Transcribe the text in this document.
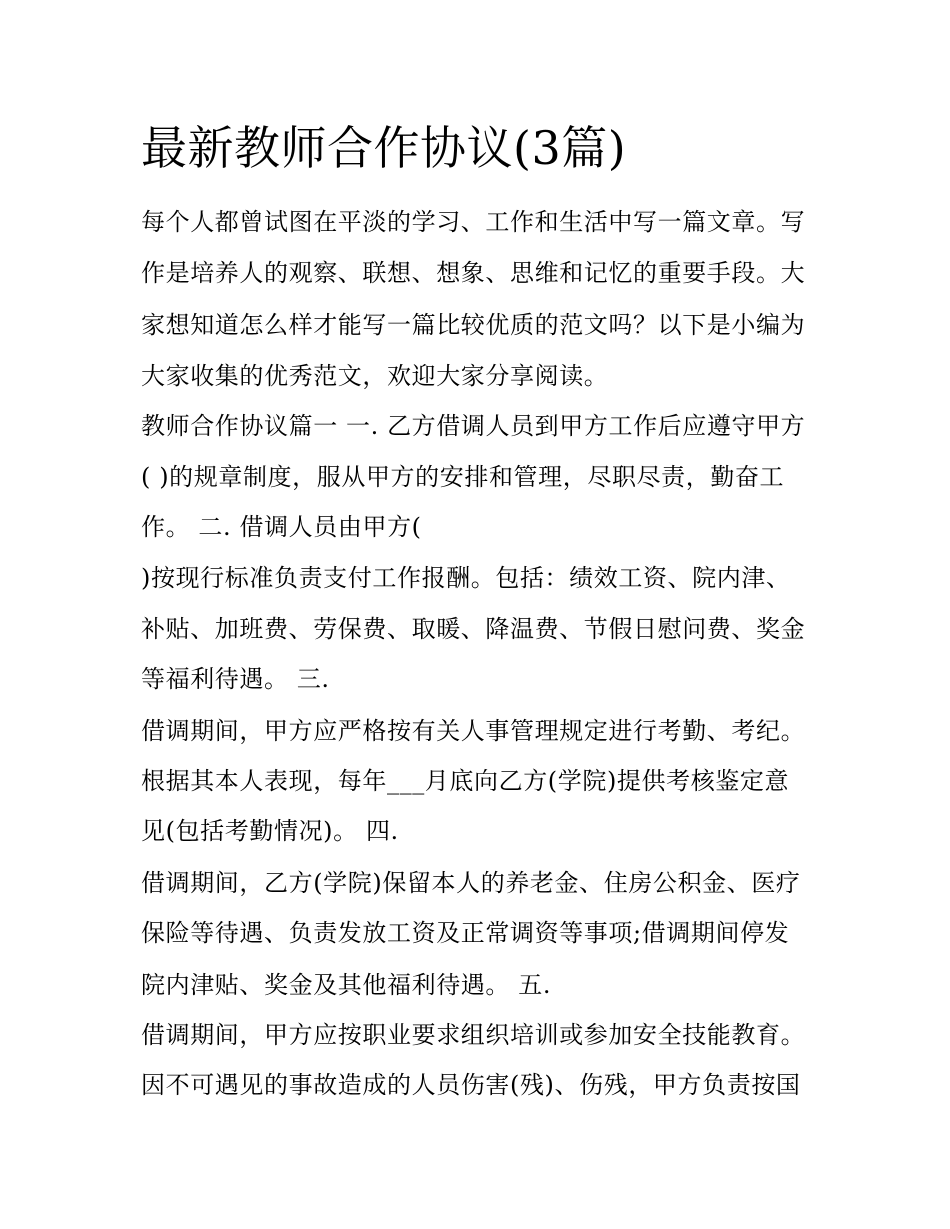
最新教师合作协议(3篇)

每个人都曾试图在平淡的学习、工作和生活中写一篇文章。写

作是培养人的观察、联想、想象、思维和记忆的重要手段。大

家想知道怎么样才能写一篇比较优质的范文吗？以下是小编为

大家收集的优秀范文，欢迎大家分享阅读。

教师合作协议篇一 一. 乙方借调人员到甲方工作后应遵守甲方

( )的规章制度，服从甲方的安排和管理，尽职尽责，勤奋工

作。 二. 借调人员由甲方(

)按现行标准负责支付工作报酬。包括：绩效工资、院内津、

补贴、加班费、劳保费、取暖、降温费、节假日慰问费、奖金

等福利待遇。 三.

借调期间，甲方应严格按有关人事管理规定进行考勤、考纪。

根据其本人表现，每年___月底向乙方(学院)提供考核鉴定意

见(包括考勤情况)。 四.

借调期间，乙方(学院)保留本人的养老金、住房公积金、医疗

保险等待遇、负责发放工资及正常调资等事项;借调期间停发

院内津贴、奖金及其他福利待遇。 五.

借调期间，甲方应按职业要求组织培训或参加安全技能教育。

因不可遇见的事故造成的人员伤害(残)、伤残，甲方负责按国
